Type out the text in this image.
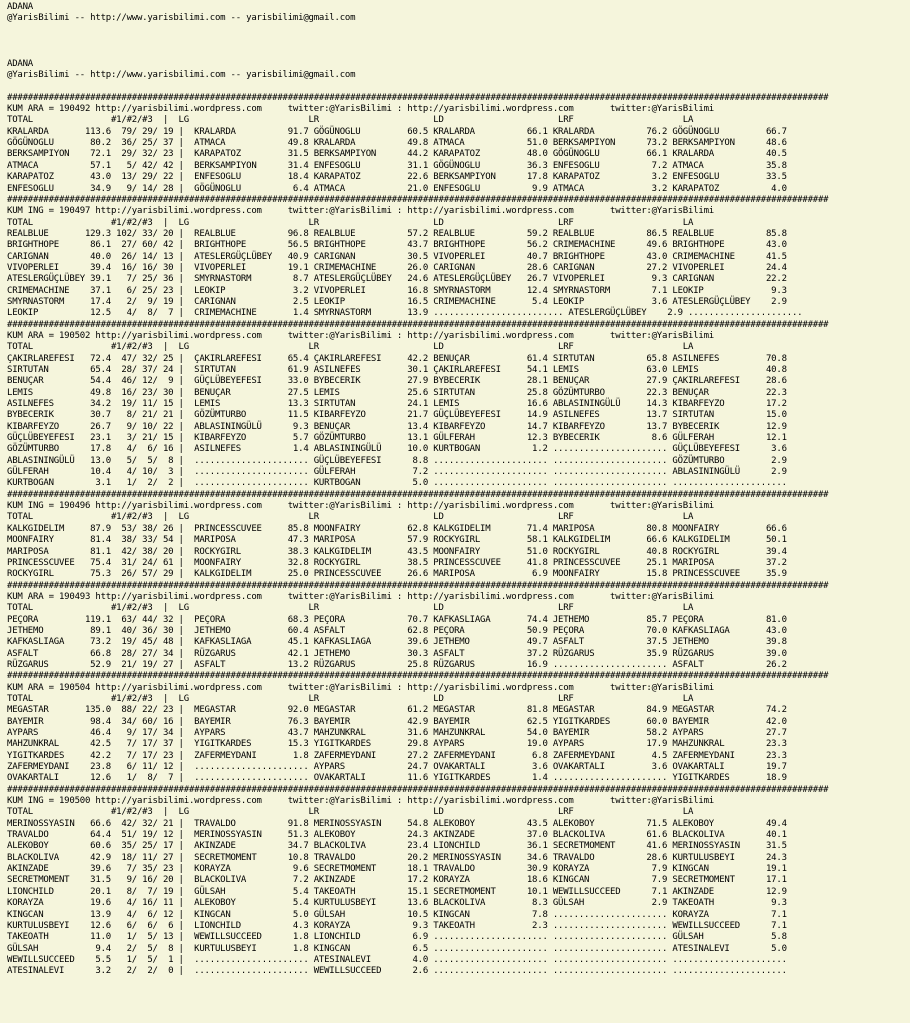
ADANA
@YarisBilimi -- http://www.yarisbilimi.com -- yarisbilimi@gmail.com
ADANA
@YarisBilimi -- http://www.yarisbilimi.com -- yarisbilimi@gmail.com
##############################################################################################################################################################
KUM ARA = 190492 http://yarisbilimi.wordpress.com     twitter:@YarisBilimi : http://yarisbilimi.wordpress.com       twitter:@YarisBilimi
TOTAL               #1/#2/#3  |  LG                       LR                      LD                      LRF                     LA
KRALARDA       113.6  79/ 29/ 19 |  KRALARDA          91.7 GÖGÜNOGLU         60.5 KRALARDA          66.1 KRALARDA          76.2 GÖGÜNOGLU         66.7
GÖGÜNOGLU       80.2  36/ 25/ 37 |  ATMACA            49.8 KRALARDA          49.8 ATMACA            51.0 BERKSAMPIYON      73.2 BERKSAMPIYON      48.6
BERKSAMPIYON    72.1  29/ 32/ 23 |  KARAPATOZ         31.5 BERKSAMPIYON      44.2 KARAPATOZ         48.0 GÖGÜNOGLU         66.1 KRALARDA          40.5
ATMACA          57.1   5/ 42/ 42 |  BERKSAMPIYON      31.4 ENFESOGLU         31.1 GÖGÜNOGLU         36.3 ENFESOGLU          7.2 ATMACA            35.8
KARAPATOZ       43.0  13/ 29/ 22 |  ENFESOGLU         18.4 KARAPATOZ         22.6 BERKSAMPIYON      17.8 KARAPATOZ          3.2 ENFESOGLU         33.5
ENFESOGLU       34.9   9/ 14/ 28 |  GÖGÜNOGLU          6.4 ATMACA            21.0 ENFESOGLU          9.9 ATMACA             3.2 KARAPATOZ          4.0
##############################################################################################################################################################
KUM ING = 190497 http://yarisbilimi.wordpress.com     twitter:@YarisBilimi : http://yarisbilimi.wordpress.com       twitter:@YarisBilimi
TOTAL               #1/#2/#3  |  LG                       LR                      LD                      LRF                     LA
REALBLUE       129.3 102/ 33/ 20 |  REALBLUE          96.8 REALBLUE          57.2 REALBLUE          59.2 REALBLUE          86.5 REALBLUE          85.8
BRIGHTHOPE      86.1  27/ 60/ 42 |  BRIGHTHOPE        56.5 BRIGHTHOPE        43.7 BRIGHTHOPE        56.2 CRIMEMACHINE      49.6 BRIGHTHOPE        43.0
CARIGNAN        40.0  26/ 14/ 13 |  ATESLERGÜÇLÜBEY   40.9 CARIGNAN          30.5 VIVOPERLEI        40.7 BRIGHTHOPE        43.0 CRIMEMACHINE      41.5
VIVOPERLEI      39.4  16/ 16/ 30 |  VIVOPERLEI        19.1 CRIMEMACHINE      26.0 CARIGNAN          28.6 CARIGNAN          27.2 VIVOPERLEI        24.4
ATESLERGÜÇLÜBEY 39.1   7/ 25/ 36 |  SMYRNASTORM        8.7 ATESLERGÜÇLÜBEY   24.6 ATESLERGÜÇLÜBEY   26.7 VIVOPERLEI         9.3 CARIGNAN          22.2
CRIMEMACHINE    37.1   6/ 25/ 23 |  LEOKIP             3.2 VIVOPERLEI        16.8 SMYRNASTORM       12.4 SMYRNASTORM        7.1 LEOKIP             9.3
SMYRNASTORM     17.4   2/  9/ 19 |  CARIGNAN           2.5 LEOKIP            16.5 CRIMEMACHINE       5.4 LEOKIP             3.6 ATESLERGÜÇLÜBEY    2.9
LEOKIP          12.5   4/  8/  7 |  CRIMEMACHINE       1.4 SMYRNASTORM       13.9 ......................... ATESLERGÜÇLÜBEY    2.9 ......................
##############################################################################################################################################################
KUM ARA = 190502 http://yarisbilimi.wordpress.com     twitter:@YarisBilimi : http://yarisbilimi.wordpress.com       twitter:@YarisBilimi
TOTAL               #1/#2/#3  |  LG                       LR                      LD                      LRF                     LA
ÇAKIRLAREFESI   72.4  47/ 32/ 25 |  ÇAKIRLAREFESI     65.4 ÇAKIRLAREFESI     42.2 BENUÇAR           61.4 SIRTUTAN          65.8 ASILNEFES         70.8
SIRTUTAN        65.4  28/ 37/ 24 |  SIRTUTAN          61.9 ASILNEFES         30.1 ÇAKIRLAREFESI     54.1 LEMIS             63.0 LEMIS             40.8
BENUÇAR         54.4  46/ 12/  9 |  GÜÇLÜBEYEFESI     33.0 BYBECERIK         27.9 BYBECERIK         28.1 BENUÇAR           27.9 ÇAKIRLAREFESI     28.6
LEMIS           49.8  16/ 23/ 30 |  BENUÇAR           27.5 LEMIS             25.6 SIRTUTAN          25.8 GÖZÜMTURBO        22.3 BENUÇAR           22.3
ASILNEFES       34.2  19/ 11/ 15 |  LEMIS             13.3 SIRTUTAN          24.1 LEMIS             16.6 ABLASININGÜLÜ     14.3 KIBARFEYZO        17.2
BYBECERIK       30.7   8/ 21/ 21 |  GÖZÜMTURBO        11.5 KIBARFEYZO        21.7 GÜÇLÜBEYEFESI     14.9 ASILNEFES         13.7 SIRTUTAN          15.0
KIBARFEYZO      26.7   9/ 10/ 22 |  ABLASININGÜLÜ      9.3 BENUÇAR           13.4 KIBARFEYZO        14.7 KIBARFEYZO        13.7 BYBECERIK         12.9
GÜÇLÜBEYEFESI   23.1   3/ 21/ 15 |  KIBARFEYZO         5.7 GÖZÜMTURBO        13.1 GÜLFERAH          12.3 BYBECERIK          8.6 GÜLFERAH          12.1
GÖZÜMTURBO      17.8   4/  6/ 16 |  ASILNEFES          1.4 ABLASININGÜLÜ     10.0 KURTBOGAN          1.2 ...................... GÜÇLÜBEYEFESI      3.6
ABLASININGÜLÜ   13.0   5/  5/  8 |  ...................... GÜÇLÜBEYEFESI      8.8 ...................... ...................... GÖZÜMTURBO         2.9
GÜLFERAH        10.4   4/ 10/  3 |  ...................... GÜLFERAH           7.2 ...................... ...................... ABLASININGÜLÜ      2.9
KURTBOGAN        3.1   1/  2/  2 |  ...................... KURTBOGAN          5.0 ...................... ...................... ......................
##############################################################################################################################################################
KUM ING = 190496 http://yarisbilimi.wordpress.com     twitter:@YarisBilimi : http://yarisbilimi.wordpress.com       twitter:@YarisBilimi
TOTAL               #1/#2/#3  |  LG                       LR                      LD                      LRF                     LA
KALKGIDELIM     87.9  53/ 38/ 26 |  PRINCESSCUVEE     85.8 MOONFAIRY         62.8 KALKGIDELIM       71.4 MARIPOSA          80.8 MOONFAIRY         66.6
MOONFAIRY       81.4  38/ 33/ 54 |  MARIPOSA          47.3 MARIPOSA          57.9 ROCKYGIRL         58.1 KALKGIDELIM       66.6 KALKGIDELIM       50.1
MARIPOSA        81.1  42/ 38/ 20 |  ROCKYGIRL         38.3 KALKGIDELIM       43.5 MOONFAIRY         51.0 ROCKYGIRL         40.8 ROCKYGIRL         39.4
PRINCESSCUVEE   75.4  31/ 24/ 61 |  MOONFAIRY         32.8 ROCKYGIRL         38.5 PRINCESSCUVEE     41.8 PRINCESSCUVEE     25.1 MARIPOSA          37.2
ROCKYGIRL       75.3  26/ 57/ 29 |  KALKGIDELIM       25.0 PRINCESSCUVEE     26.6 MARIPOSA           6.9 MOONFAIRY         15.8 PRINCESSCUVEE     35.9
##############################################################################################################################################################
KUM ARA = 190493 http://yarisbilimi.wordpress.com     twitter:@YarisBilimi : http://yarisbilimi.wordpress.com       twitter:@YarisBilimi
TOTAL               #1/#2/#3  |  LG                       LR                      LD                      LRF                     LA
PEÇORA         119.1  63/ 44/ 32 |  PEÇORA            68.3 PEÇORA            70.7 KAFKASLIAGA       74.4 JETHEMO           85.7 PEÇORA            81.0
JETHEMO         89.1  40/ 36/ 30 |  JETHEMO           60.4 ASFALT            62.8 PEÇORA            50.9 PEÇORA            70.0 KAFKASLIAGA       43.0
KAFKASLIAGA     73.2  19/ 45/ 48 |  KAFKASLIAGA       45.1 KAFKASLIAGA       39.6 JETHEMO           49.7 ASFALT            37.5 JETHEMO           39.8
ASFALT          66.8  28/ 27/ 34 |  RÜZGARUS          42.1 JETHEMO           30.3 ASFALT            37.2 RÜZGARUS          35.9 RÜZGARUS          39.0
RÜZGARUS        52.9  21/ 19/ 27 |  ASFALT            13.2 RÜZGARUS          25.8 RÜZGARUS          16.9 ...................... ASFALT            26.2
##############################################################################################################################################################
KUM ARA = 190504 http://yarisbilimi.wordpress.com     twitter:@YarisBilimi : http://yarisbilimi.wordpress.com       twitter:@YarisBilimi
TOTAL               #1/#2/#3  |  LG                       LR                      LD                      LRF                     LA
MEGASTAR       135.0  88/ 22/ 23 |  MEGASTAR          92.0 MEGASTAR          61.2 MEGASTAR          81.8 MEGASTAR          84.9 MEGASTAR          74.2
BAYEMIR         98.4  34/ 60/ 16 |  BAYEMIR           76.3 BAYEMIR           42.9 BAYEMIR           62.5 YIGITKARDES       60.0 BAYEMIR           42.0
AYPARS          46.4   9/ 17/ 34 |  AYPARS            43.7 MAHZUNKRAL        31.6 MAHZUNKRAL        54.0 BAYEMIR           58.2 AYPARS            27.7
MAHZUNKRAL      42.5   7/ 17/ 37 |  YIGITKARDES       15.3 YIGITKARDES       29.8 AYPARS            19.0 AYPARS            17.9 MAHZUNKRAL        23.3
YIGITKARDES     42.2   7/ 17/ 23 |  ZAFERMEYDANI       1.8 ZAFERMEYDANI      27.2 ZAFERMEYDANI       6.8 ZAFERMEYDANI       4.5 ZAFERMEYDANI      23.3
ZAFERMEYDANI    23.8   6/ 11/ 12 |  ...................... AYPARS            24.7 OVAKARTALI         3.6 OVAKARTALI         3.6 OVAKARTALI        19.7
OVAKARTALI      12.6   1/  8/  7 |  ...................... OVAKARTALI        11.6 YIGITKARDES        1.4 ...................... YIGITKARDES       18.9
##############################################################################################################################################################
KUM ING = 190500 http://yarisbilimi.wordpress.com     twitter:@YarisBilimi : http://yarisbilimi.wordpress.com       twitter:@YarisBilimi
TOTAL               #1/#2/#3  |  LG                       LR                      LD                      LRF                     LA
MERINOSSYASIN   66.6  42/ 32/ 21 |  TRAVALDO          91.8 MERINOSSYASIN     54.8 ALEKOBOY          43.5 ALEKOBOY          71.5 ALEKOBOY          49.4
TRAVALDO        64.4  51/ 19/ 12 |  MERINOSSYASIN     51.3 ALEKOBOY          24.3 AKINZADE          37.0 BLACKOLIVA        61.6 BLACKOLIVA        40.1
ALEKOBOY        60.6  35/ 25/ 17 |  AKINZADE          34.7 BLACKOLIVA        23.4 LIONCHILD         36.1 SECRETMOMENT      41.6 MERINOSSYASIN     31.5
BLACKOLIVA      42.9  18/ 11/ 27 |  SECRETMOMENT      10.8 TRAVALDO          20.2 MERINOSSYASIN     34.6 TRAVALDO          28.6 KURTULUSBEYI      24.3
AKINZADE        39.6   7/ 35/ 23 |  KORAYZA            9.6 SECRETMOMENT      18.1 TRAVALDO          30.9 KORAYZA            7.9 KINGCAN           19.1
SECRETMOMENT    31.5   9/ 16/ 20 |  BLACKOLIVA         7.2 AKINZADE          17.2 KORAYZA           18.6 KINGCAN            7.9 SECRETMOMENT      17.1
LIONCHILD       20.1   8/  7/ 19 |  GÜLSAH             5.4 TAKEOATH          15.1 SECRETMOMENT      10.1 WEWILLSUCCEED      7.1 AKINZADE          12.9
KORAYZA         19.6   4/ 16/ 11 |  ALEKOBOY           5.4 KURTULUSBEYI      13.6 BLACKOLIVA         8.3 GÜLSAH             2.9 TAKEOATH           9.3
KINGCAN         13.9   4/  6/ 12 |  KINGCAN            5.0 GÜLSAH            10.5 KINGCAN            7.8 ...................... KORAYZA            7.1
KURTULUSBEYI    12.6   6/  6/  6 |  LIONCHILD          4.3 KORAYZA            9.3 TAKEOATH           2.3 ...................... WEWILLSUCCEED      7.1
TAKEOATH        11.0   1/  5/ 13 |  WEWILLSUCCEED      1.8 LIONCHILD          6.9 ...................... ...................... GÜLSAH             5.8
GÜLSAH           9.4   2/  5/  8 |  KURTULUSBEYI       1.8 KINGCAN            6.5 ...................... ...................... ATESINALEVI        5.0
WEWILLSUCCEED    5.5   1/  5/  1 |  ...................... ATESINALEVI        4.0 ...................... ...................... ......................
ATESINALEVI      3.2   2/  2/  0 |  ...................... WEWILLSUCCEED      2.6 ...................... ...................... ......................
